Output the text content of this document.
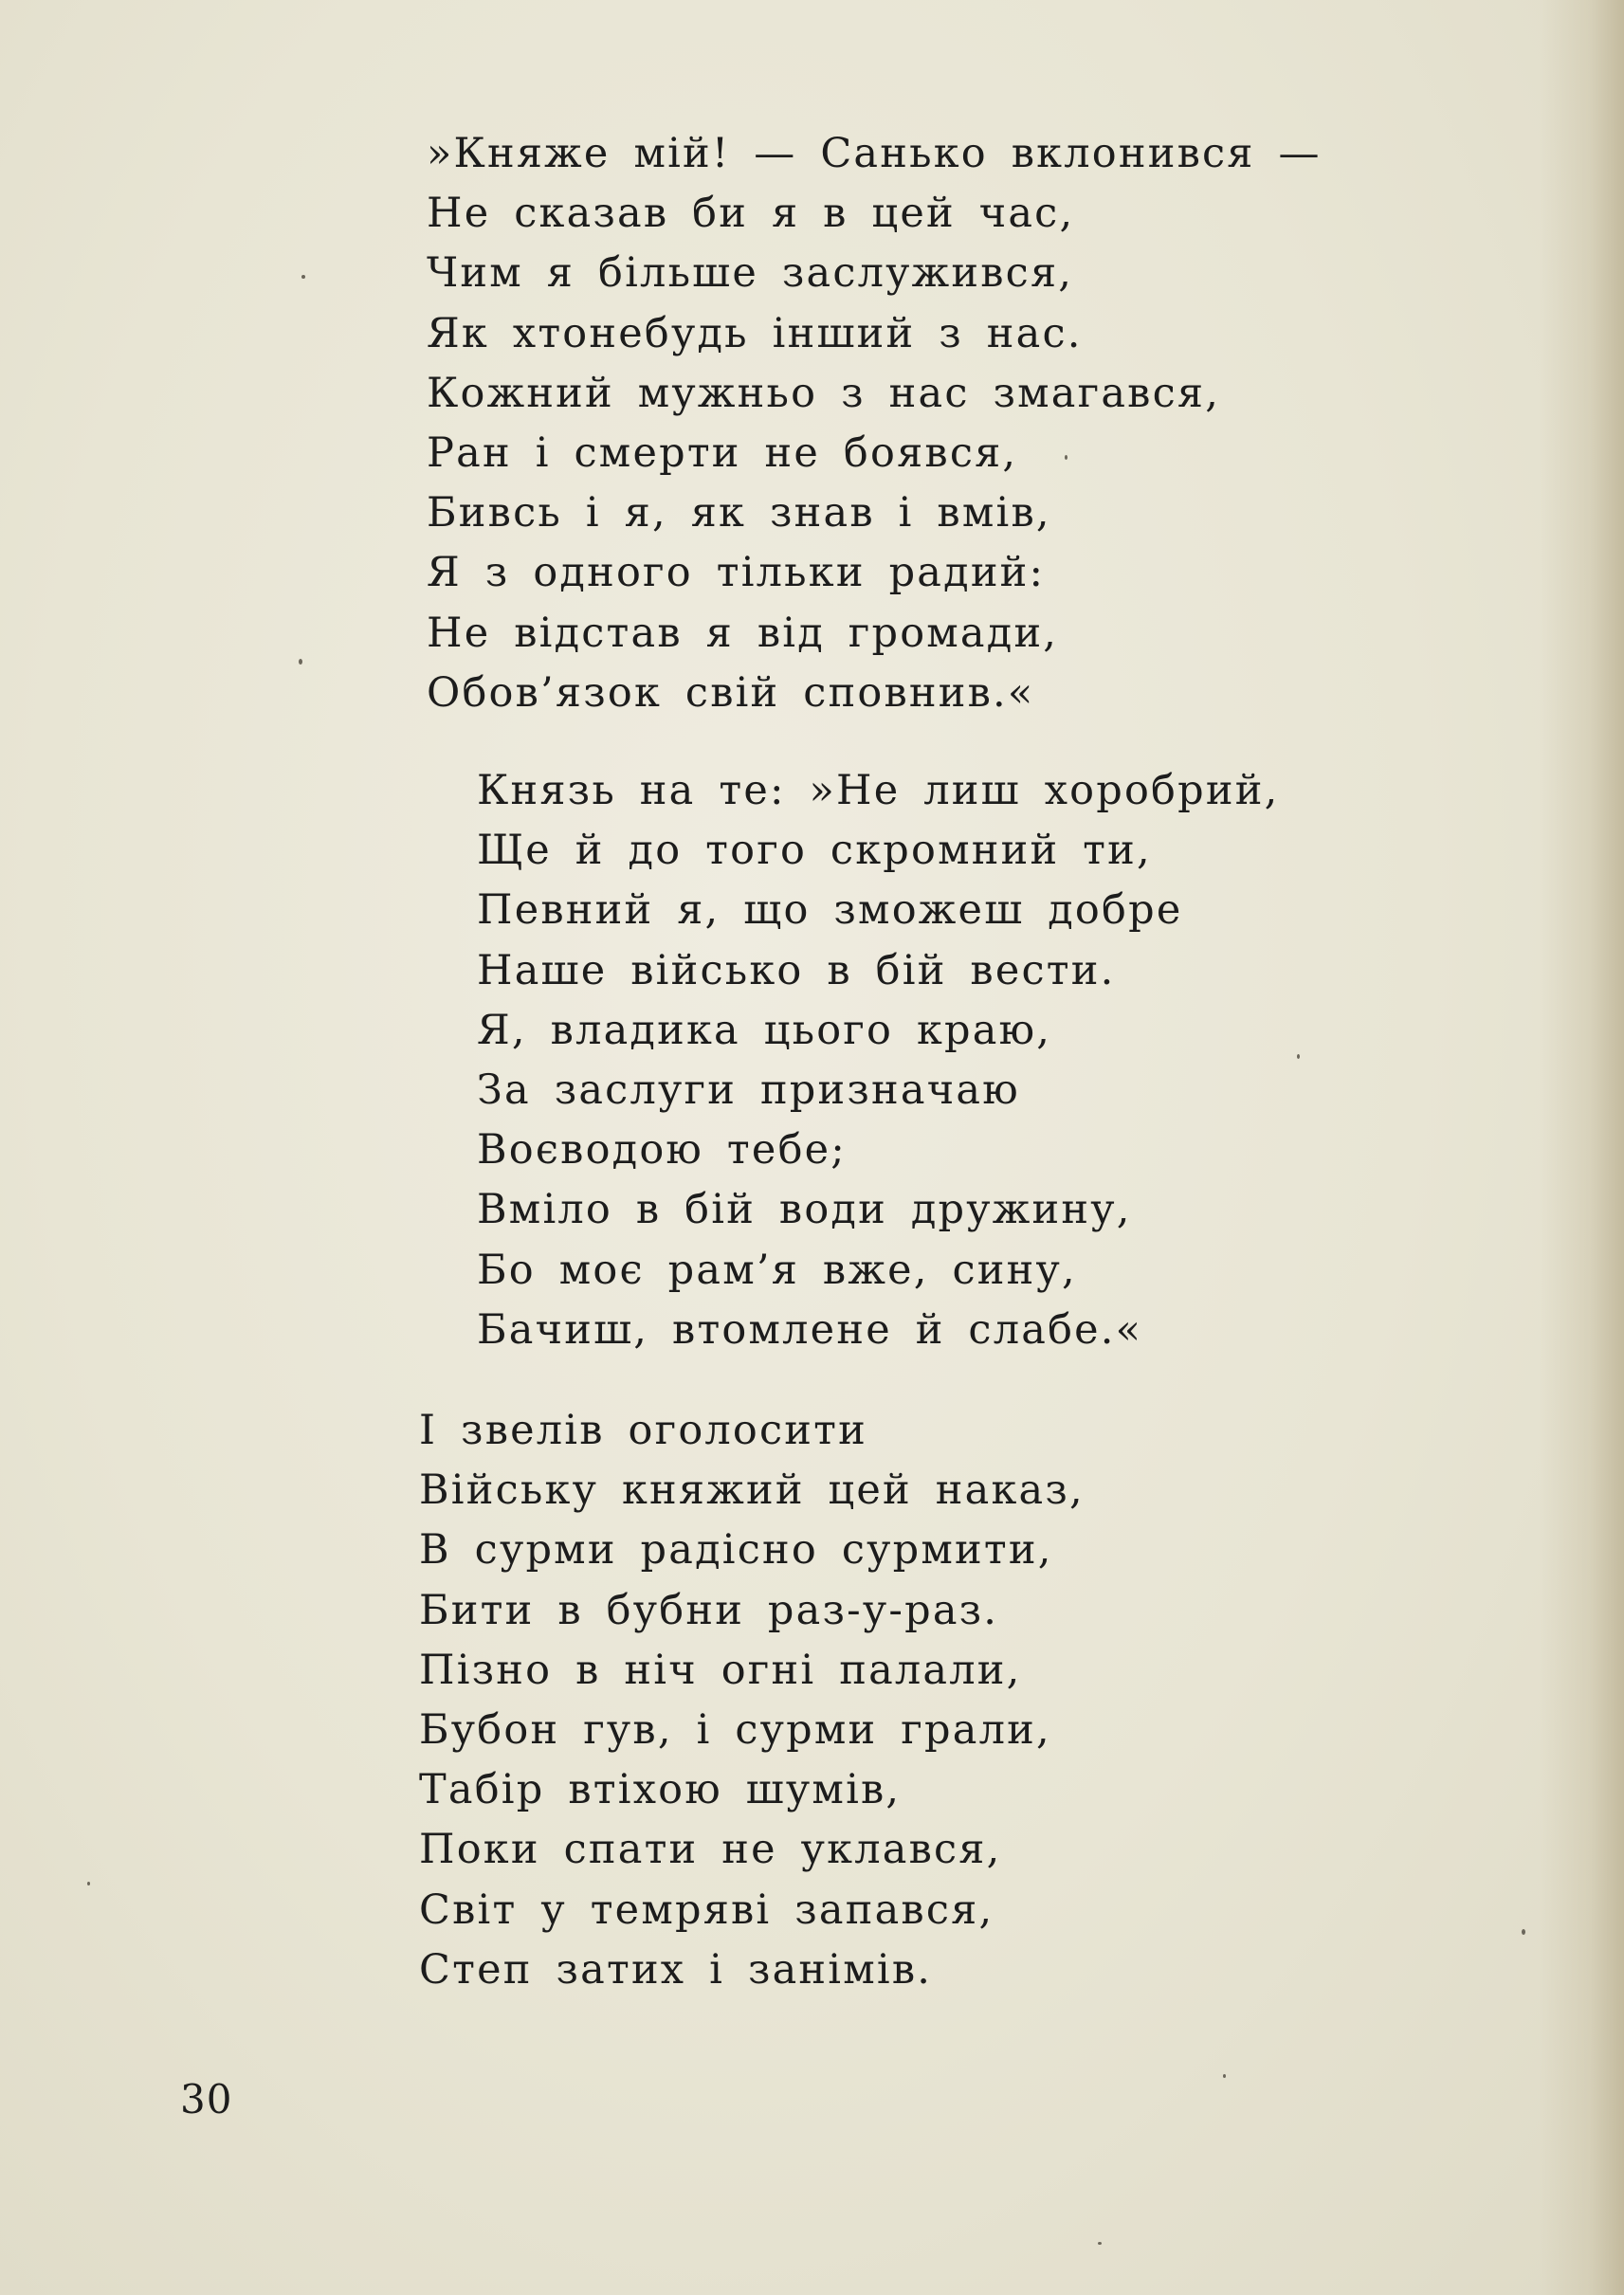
»Княже мій! — Санько вклонився —
Не сказав би я в цей час,
Чим я більше заслужився,
Як хтонебудь інший з нас.
Кожний мужньо з нас змагався,
Ран і смерти не боявся,
Бивсь і я, як знав і вмів,
Я з одного тільки радий:
Не відстав я від громади,
Обов’язок свій сповнив.«
Князь на те: »Не лиш хоробрий,
Ще й до того скромний ти,
Певний я, що зможеш добре
Наше військо в бій вести.
Я, владика цього краю,
За заслуги призначаю
Воєводою тебе;
Вміло в бій води дружину,
Бо моє рам’я вже, сину,
Бачиш, втомлене й слабе.«
І звелів оголосити
Війську княжий цей наказ,
В сурми радісно сурмити,
Бити в бубни раз-у-раз.
Пізно в ніч огні палали,
Бубон гув, і сурми грали,
Табір втіхою шумів,
Поки спати не уклався,
Світ у темряві запався,
Степ затих і занімів.
30
